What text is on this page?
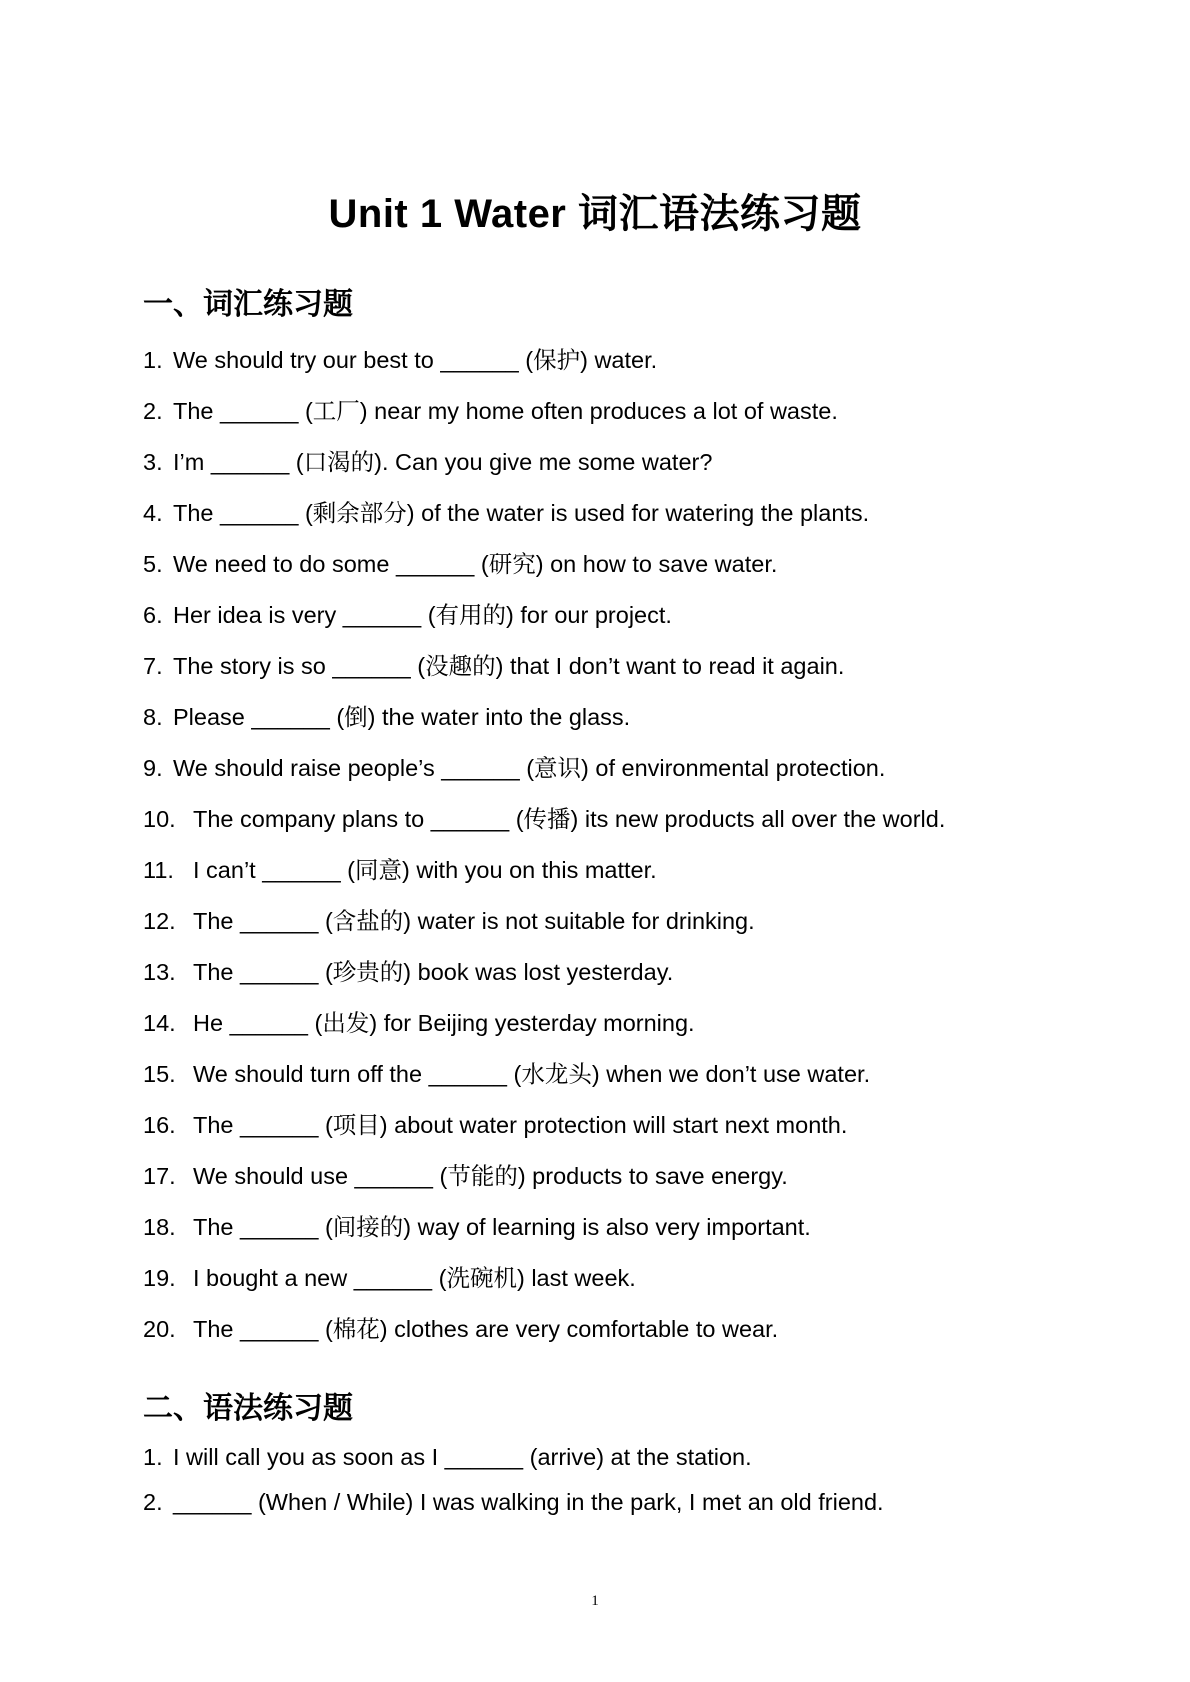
Unit 1 Water 词汇语法练习题
一、词汇练习题
1. We should try our best to ______ (保护) water.
2. The ______ (工厂) near my home often produces a lot of waste.
3. I’m ______ (口渴的). Can you give me some water?
4. The ______ (剩余部分) of the water is used for watering the plants.
5. We need to do some ______ (研究) on how to save water.
6. Her idea is very ______ (有用的) for our project.
7. The story is so ______ (没趣的) that I don’t want to read it again.
8. Please ______ (倒) the water into the glass.
9. We should raise people’s ______ (意识) of environmental protection.
10. The company plans to ______ (传播) its new products all over the world.
11. I can’t ______ (同意) with you on this matter.
12. The ______ (含盐的) water is not suitable for drinking.
13. The ______ (珍贵的) book was lost yesterday.
14. He ______ (出发) for Beijing yesterday morning.
15. We should turn off the ______ (水龙头) when we don’t use water.
16. The ______ (项目) about water protection will start next month.
17. We should use ______ (节能的) products to save energy.
18. The ______ (间接的) way of learning is also very important.
19. I bought a new ______ (洗碗机) last week.
20. The ______ (棉花) clothes are very comfortable to wear.
二、语法练习题
1. I will call you as soon as I ______ (arrive) at the station.
2. ______ (When / While) I was walking in the park, I met an old friend.
1
